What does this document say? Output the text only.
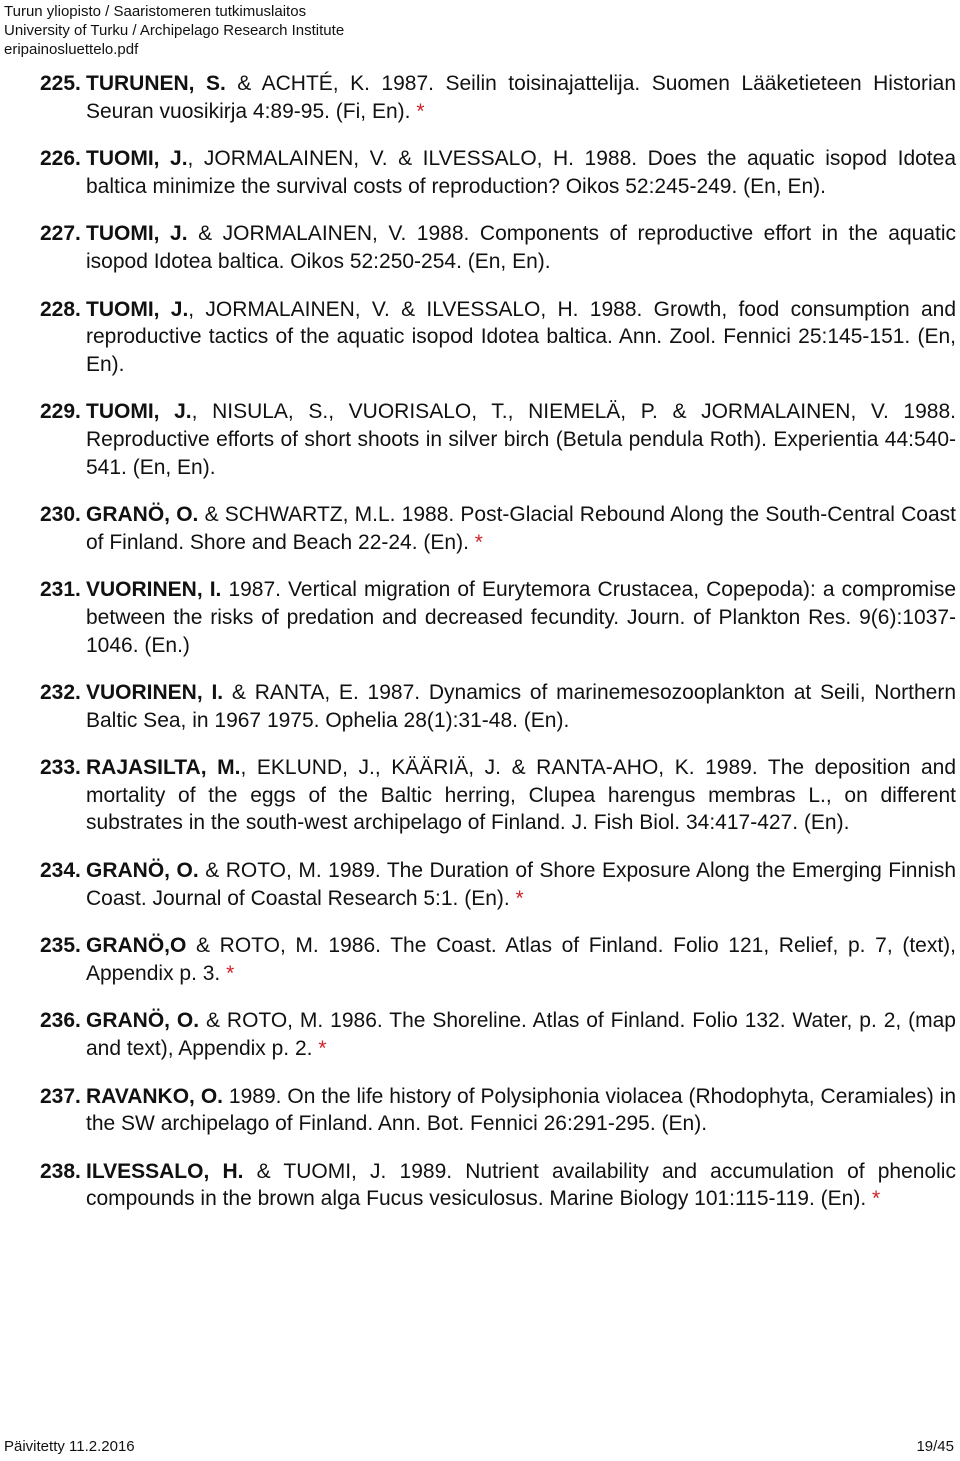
Turun yliopisto / Saaristomeren tutkimuslaitos
University of Turku / Archipelago Research Institute
eripainosluettelo.pdf
225. TURUNEN, S. & ACHTÉ, K. 1987. Seilin toisinajattelija. Suomen Lääketieteen Historian Seuran vuosikirja 4:89-95. (Fi, En). *
226. TUOMI, J., JORMALAINEN, V. & ILVESSALO, H. 1988. Does the aquatic isopod Idotea baltica minimize the survival costs of reproduction? Oikos 52:245-249. (En, En).
227. TUOMI, J. & JORMALAINEN, V. 1988. Components of reproductive effort in the aquatic isopod Idotea baltica. Oikos 52:250-254. (En, En).
228. TUOMI, J., JORMALAINEN, V. & ILVESSALO, H. 1988. Growth, food consumption and reproductive tactics of the aquatic isopod Idotea baltica. Ann. Zool. Fennici 25:145-151. (En, En).
229. TUOMI, J., NISULA, S., VUORISALO, T., NIEMELÄ, P. & JORMALAINEN, V. 1988. Reproductive efforts of short shoots in silver birch (Betula pendula Roth). Experientia 44:540-541. (En, En).
230. GRANÖ, O. & SCHWARTZ, M.L. 1988. Post-Glacial Rebound Along the South-Central Coast of Finland. Shore and Beach 22-24. (En). *
231. VUORINEN, I. 1987. Vertical migration of Eurytemora Crustacea, Copepoda): a compromise between the risks of predation and decreased fecundity. Journ. of Plankton Res. 9(6):1037-1046. (En.)
232. VUORINEN, I. & RANTA, E. 1987. Dynamics of marinemesozooplankton at Seili, Northern Baltic Sea, in 1967 1975. Ophelia 28(1):31-48. (En).
233. RAJASILTA, M., EKLUND, J., KÄÄRIÄ, J. & RANTA-AHO, K. 1989. The deposition and mortality of the eggs of the Baltic herring, Clupea harengus membras L., on different substrates in the south-west archipelago of Finland. J. Fish Biol. 34:417-427. (En).
234. GRANÖ, O. & ROTO, M. 1989. The Duration of Shore Exposure Along the Emerging Finnish Coast. Journal of Coastal Research 5:1. (En). *
235. GRANÖ,O & ROTO, M. 1986. The Coast. Atlas of Finland. Folio 121, Relief, p. 7, (text), Appendix p. 3. *
236. GRANÖ, O. & ROTO, M. 1986. The Shoreline. Atlas of Finland. Folio 132. Water, p. 2, (map and text), Appendix p. 2. *
237. RAVANKO, O. 1989. On the life history of Polysiphonia violacea (Rhodophyta, Ceramiales) in the SW archipelago of Finland. Ann. Bot. Fennici 26:291-295. (En).
238. ILVESSALO, H. & TUOMI, J. 1989. Nutrient availability and accumulation of phenolic compounds in the brown alga Fucus vesiculosus. Marine Biology 101:115-119. (En). *
Päivitetty 11.2.2016	19/45
